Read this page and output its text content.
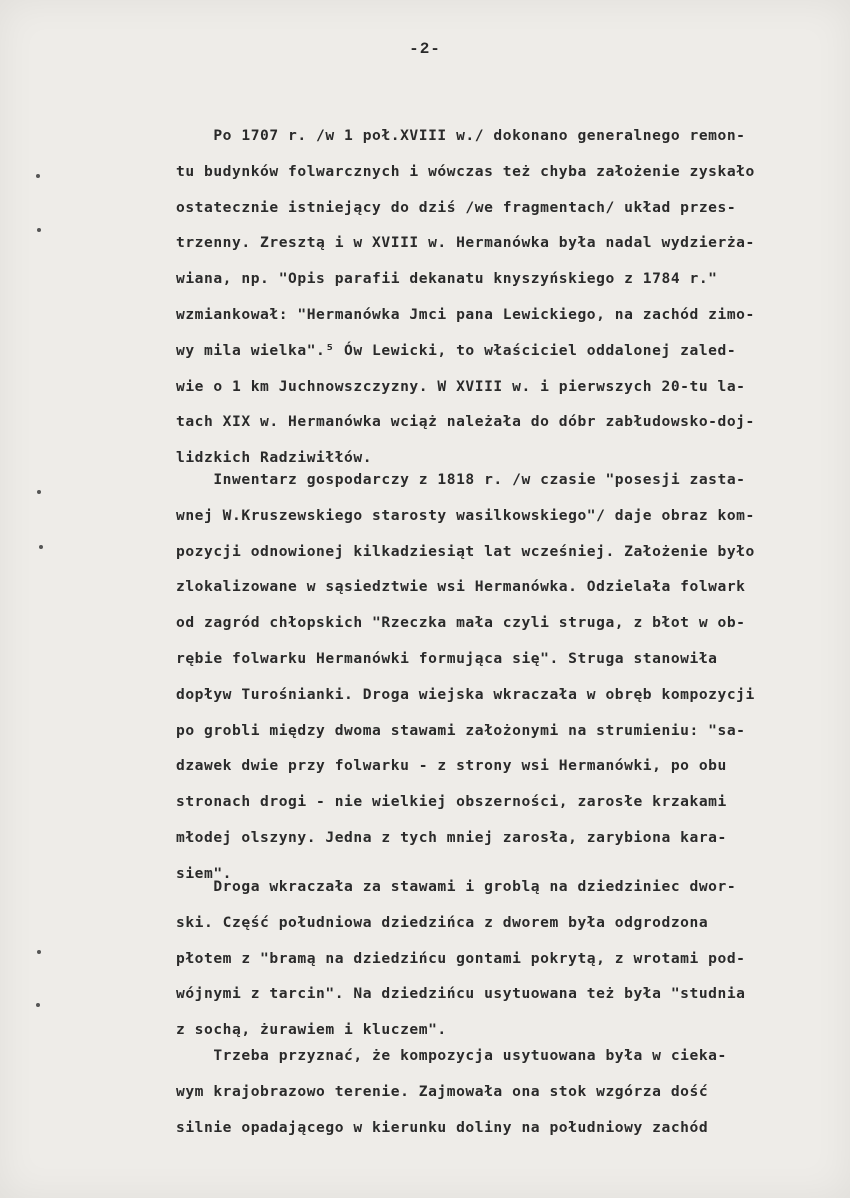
-2-
Po 1707 r. /w 1 poł.XVIII w./ dokonano generalnego remon-
tu budynków folwarcznych i wówczas też chyba założenie zyskało
ostatecznie istniejący do dziś /we fragmentach/ układ przes-
trzenny. Zresztą i w XVIII w. Hermanówka była nadal wydzierża-
wiana, np. "Opis parafii dekanatu knyszyńskiego z 1784 r."
wzmiankował: "Hermanówka Jmci pana Lewickiego, na zachód zimo-
wy mila wielka".⁵ Ów Lewicki, to właściciel oddalonej zaled-
wie o 1 km Juchnowszczyzny. W XVIII w. i pierwszych 20-tu la-
tach XIX w. Hermanówka wciąż należała do dóbr zabłudowsko-doj-
lidzkich Radziwiłłów.
Inwentarz gospodarczy z 1818 r. /w czasie "posesji zasta-
wnej W.Kruszewskiego starosty wasilkowskiego"/ daje obraz kom-
pozycji odnowionej kilkadziesiąt lat wcześniej. Założenie było
zlokalizowane w sąsiedztwie wsi Hermanówka. Odzielała folwark
od zagród chłopskich "Rzeczka mała czyli struga, z błot w ob-
rębie folwarku Hermanówki formująca się". Struga stanowiła
dopływ Turośnianki. Droga wiejska wkraczała w obręb kompozycji
po grobli między dwoma stawami założonymi na strumieniu: "sa-
dzawek dwie przy folwarku - z strony wsi Hermanówki, po obu
stronach drogi - nie wielkiej obszerności, zarosłe krzakami
młodej olszyny. Jedna z tych mniej zarosła, zarybiona kara-
siem".
Droga wkraczała za stawami i groblą na dziedziniec dwor-
ski. Część południowa dziedzińca z dworem była odgrodzona
płotem z "bramą na dziedzińcu gontami pokrytą, z wrotami pod-
wójnymi z tarcin". Na dziedzińcu usytuowana też była "studnia
z sochą, żurawiem i kluczem".
Trzeba przyznać, że kompozycja usytuowana była w cieka-
wym krajobrazowo terenie. Zajmowała ona stok wzgórza dość
silnie opadającego w kierunku doliny na południowy zachód
